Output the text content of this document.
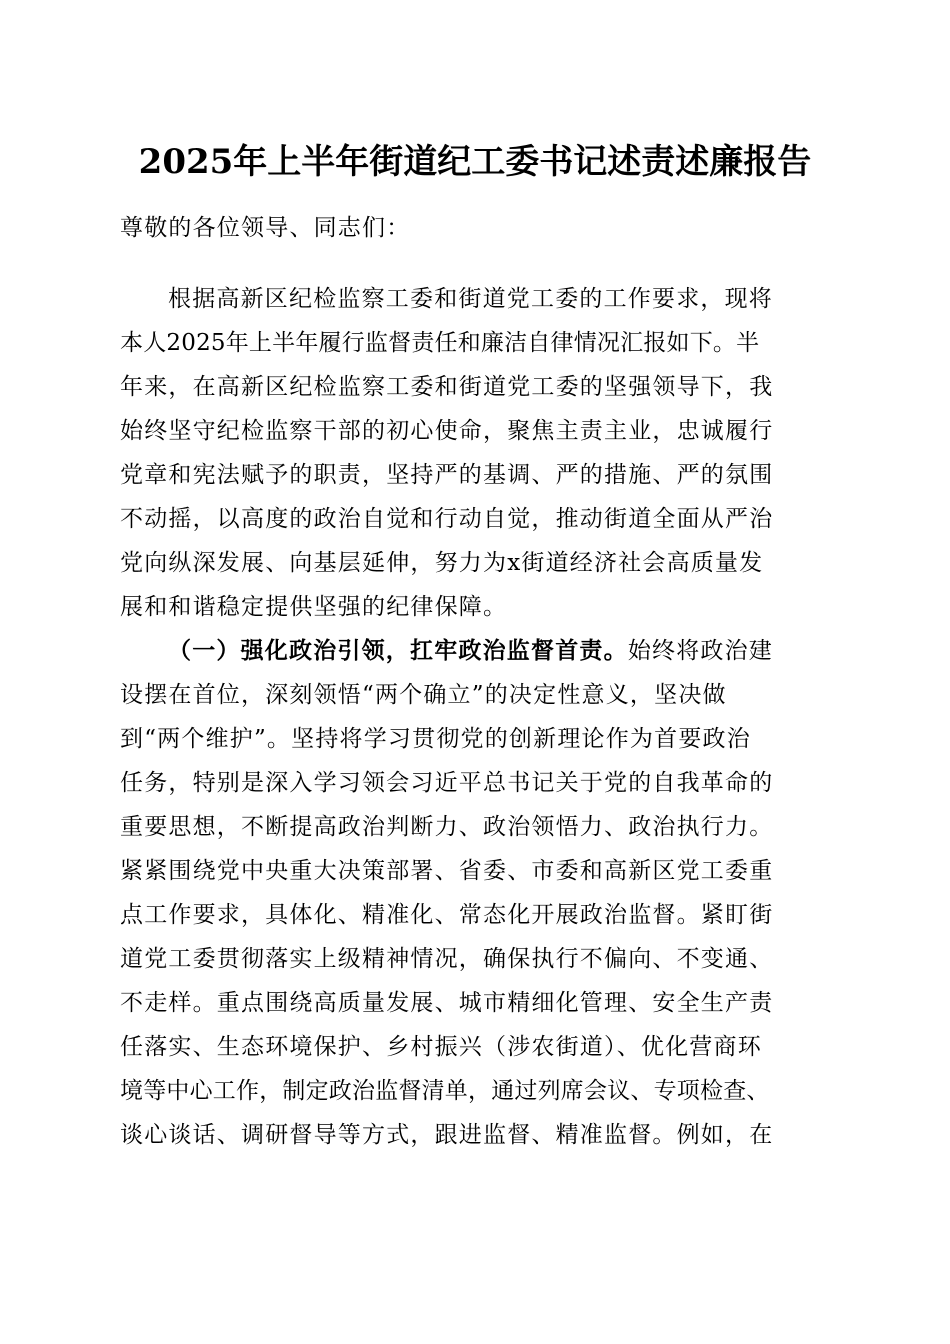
2025年上半年街道纪工委书记述责述廉报告
尊敬的各位领导、同志们：
根据高新区纪检监察工委和街道党工委的工作要求，现将
本人2025年上半年履行监督责任和廉洁自律情况汇报如下。半
年来，在高新区纪检监察工委和街道党工委的坚强领导下，我
始终坚守纪检监察干部的初心使命，聚焦主责主业，忠诚履行
党章和宪法赋予的职责，坚持严的基调、严的措施、严的氛围
不动摇，以高度的政治自觉和行动自觉，推动街道全面从严治
党向纵深发展、向基层延伸，努力为x街道经济社会高质量发
展和和谐稳定提供坚强的纪律保障。
（一）强化政治引领，扛牢政治监督首责。始终将政治建
设摆在首位，深刻领悟“两个确立”的决定性意义，坚决做
到“两个维护”。坚持将学习贯彻党的创新理论作为首要政治
任务，特别是深入学习领会习近平总书记关于党的自我革命的
重要思想，不断提高政治判断力、政治领悟力、政治执行力。
紧紧围绕党中央重大决策部署、省委、市委和高新区党工委重
点工作要求，具体化、精准化、常态化开展政治监督。紧盯街
道党工委贯彻落实上级精神情况，确保执行不偏向、不变通、
不走样。重点围绕高质量发展、城市精细化管理、安全生产责
任落实、生态环境保护、乡村振兴（涉农街道）、优化营商环
境等中心工作，制定政治监督清单，通过列席会议、专项检查、
谈心谈话、调研督导等方式，跟进监督、精准监督。例如，在
